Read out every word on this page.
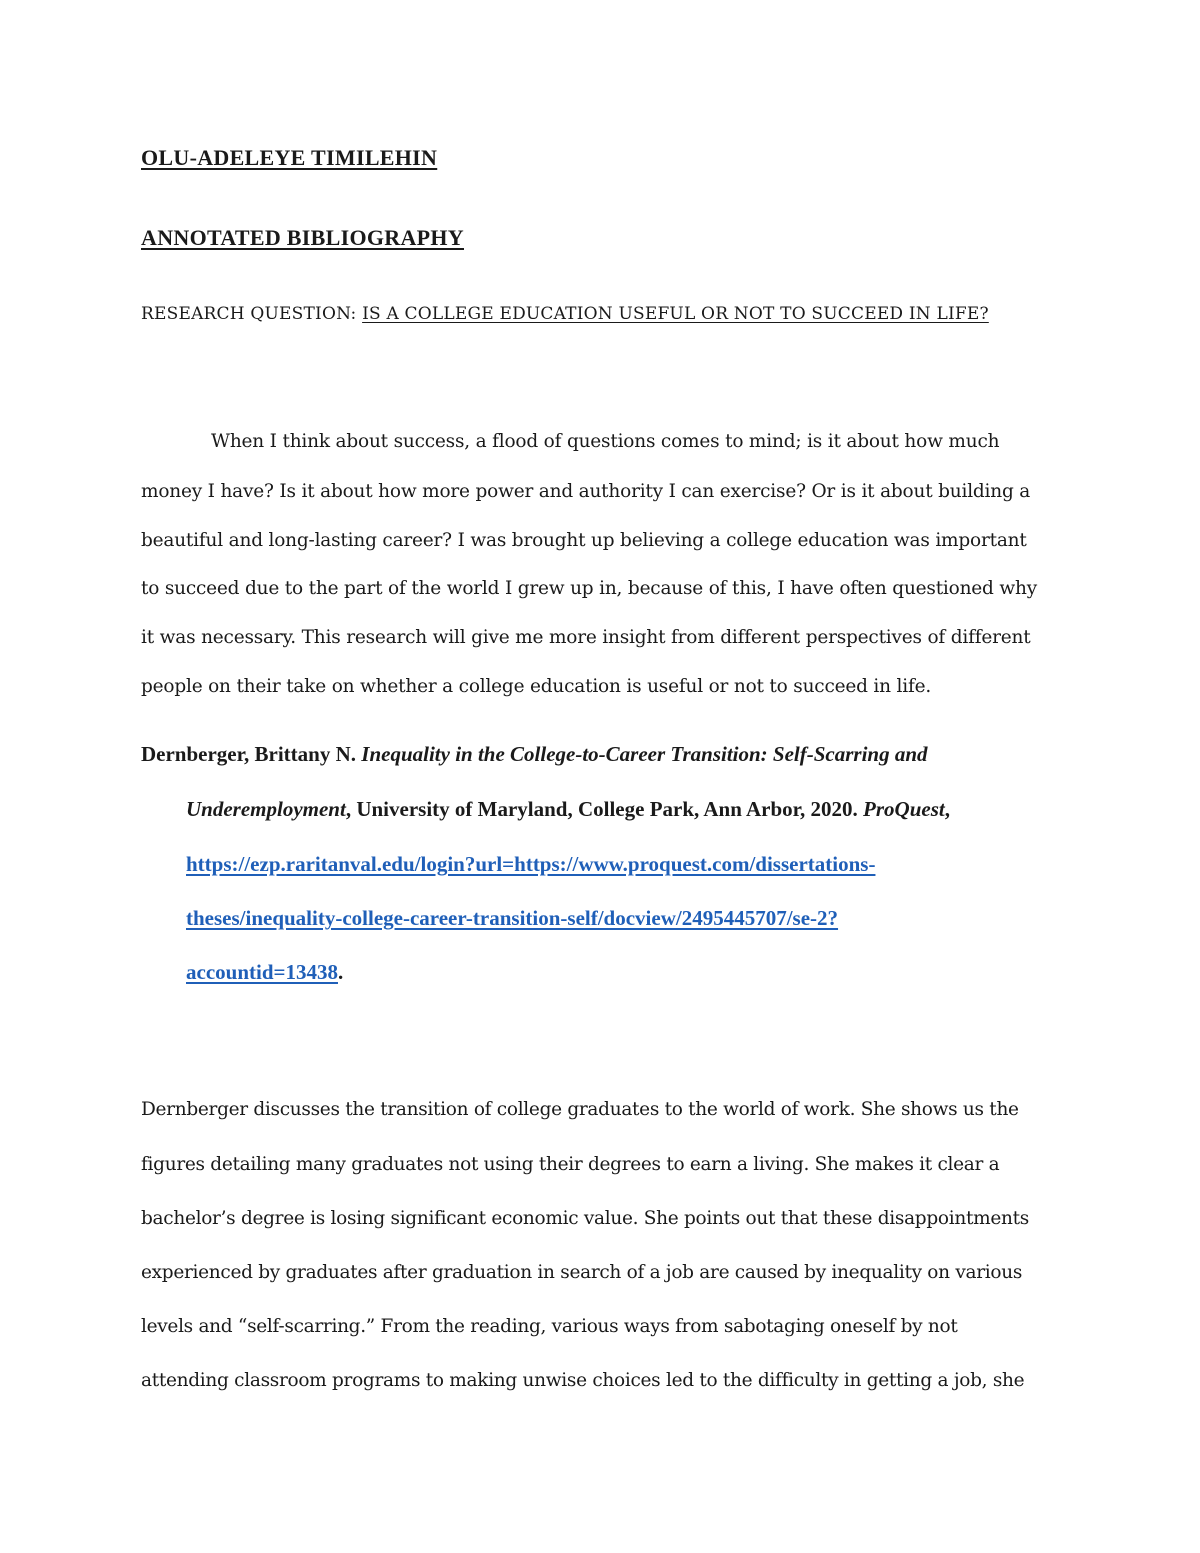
OLU-ADELEYE TIMILEHIN
ANNOTATED BIBLIOGRAPHY
RESEARCH QUESTION: IS A COLLEGE EDUCATION USEFUL OR NOT TO SUCCEED IN LIFE?
When I think about success, a flood of questions comes to mind; is it about how much
money I have? Is it about how more power and authority I can exercise? Or is it about building a
beautiful and long-lasting career? I was brought up believing a college education was important
to succeed due to the part of the world I grew up in, because of this, I have often questioned why
it was necessary. This research will give me more insight from different perspectives of different
people on their take on whether a college education is useful or not to succeed in life.
Dernberger, Brittany N. Inequality in the College-to-Career Transition: Self-Scarring and
Underemployment, University of Maryland, College Park, Ann Arbor, 2020. ProQuest,
https://ezp.raritanval.edu/login?url=https://www.proquest.com/dissertations-
theses/inequality-college-career-transition-self/docview/2495445707/se-2?
accountid=13438.
Dernberger discusses the transition of college graduates to the world of work. She shows us the
figures detailing many graduates not using their degrees to earn a living. She makes it clear a
bachelor’s degree is losing significant economic value. She points out that these disappointments
experienced by graduates after graduation in search of a job are caused by inequality on various
levels and “self-scarring.” From the reading, various ways from sabotaging oneself by not
attending classroom programs to making unwise choices led to the difficulty in getting a job, she
